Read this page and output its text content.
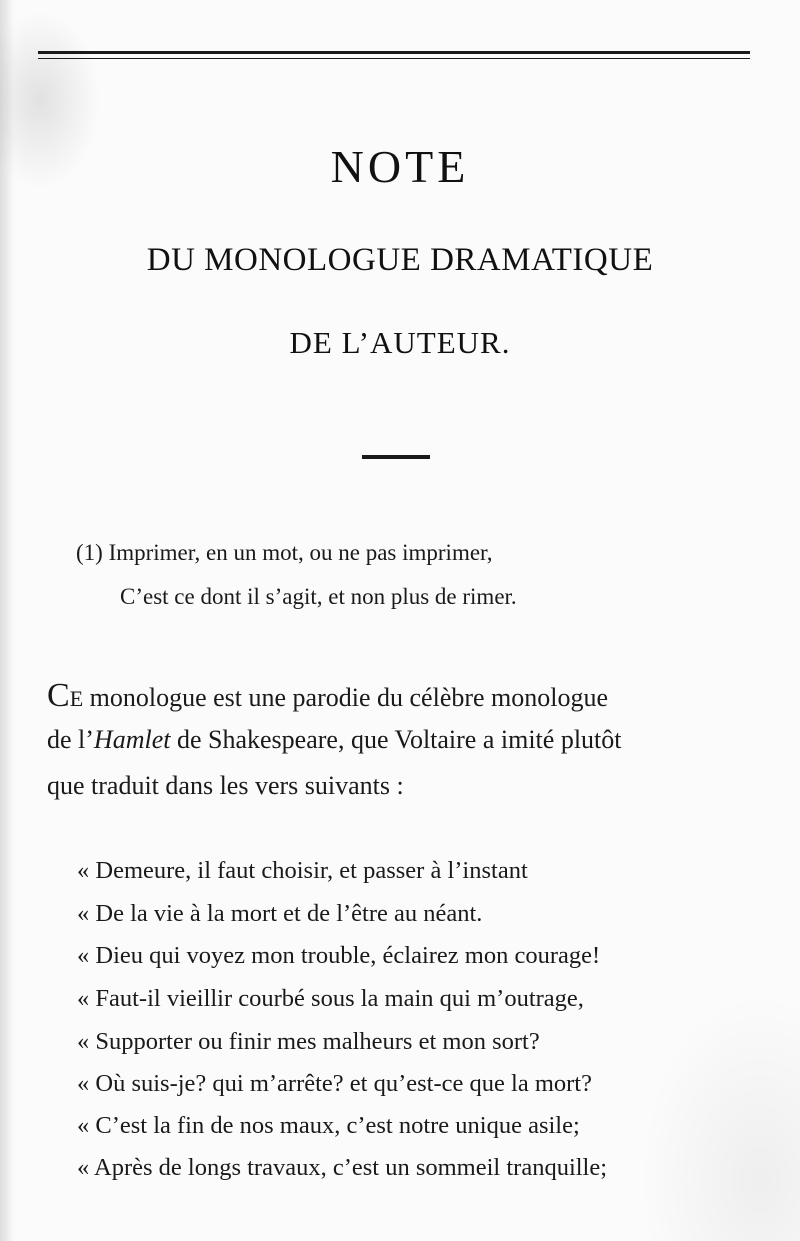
NOTE
DU MONOLOGUE DRAMATIQUE
DE L’AUTEUR.
(1) Imprimer, en un mot, ou ne pas imprimer,
C’est ce dont il s’agit, et non plus de rimer.
CE monologue est une parodie du célèbre monologue
de l’Hamlet de Shakespeare, que Voltaire a imité plutôt
que traduit dans les vers suivants :
« Demeure, il faut choisir, et passer à l’instant
« De la vie à la mort et de l’être au néant.
« Dieu qui voyez mon trouble, éclairez mon courage!
« Faut-il vieillir courbé sous la main qui m’outrage,
« Supporter ou finir mes malheurs et mon sort?
« Où suis-je? qui m’arrête? et qu’est-ce que la mort?
« C’est la fin de nos maux, c’est notre unique asile;
« Après de longs travaux, c’est un sommeil tranquille;
